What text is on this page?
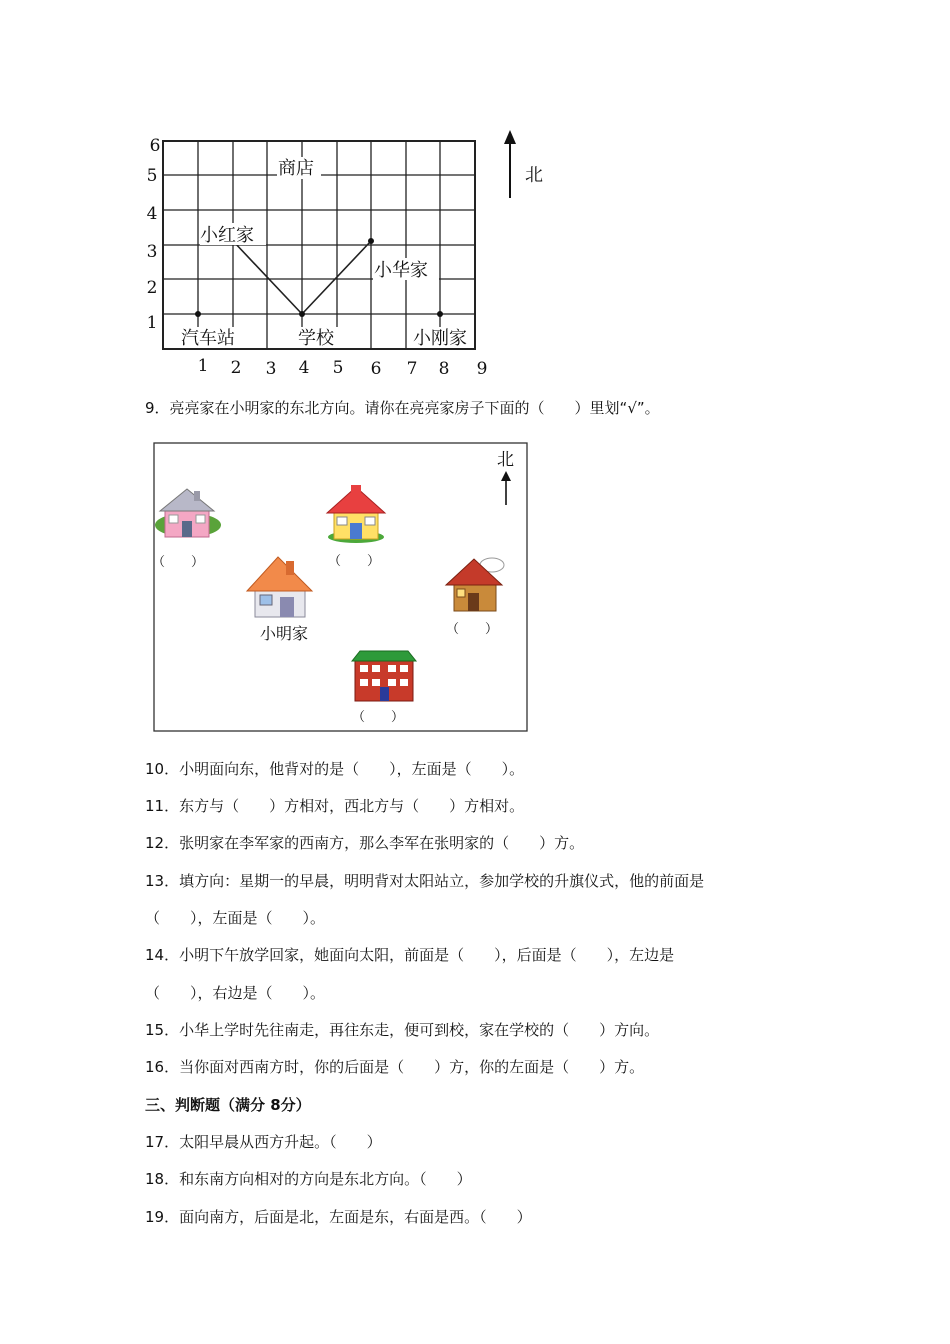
1
2
3
4
5
6
1 2 3 4 5 6 7 8 9
商店
小红家
小华家
汽车站	学校	小刚家
北
9．亮亮家在小明家的东北方向。请你在亮亮家房子下面的（　　）里划“√”。
北
（　　）	（　　）
小明家	（　　）
（　　）
10．小明面向东，他背对的是（　　），左面是（　　）。
11．东方与（　　）方相对，西北方与（　　）方相对。
12．张明家在李军家的西南方，那么李军在张明家的（　　）方。
13．填方向：星期一的早晨，明明背对太阳站立，参加学校的升旗仪式，他的前面是
（　　），左面是（　　）。
14．小明下午放学回家，她面向太阳，前面是（　　），后面是（　　），左边是
（　　），右边是（　　）。
15．小华上学时先往南走，再往东走，便可到校，家在学校的（　　）方向。
16．当你面对西南方时，你的后面是（　　）方，你的左面是（　　）方。
三、判断题（满分 8分）
17．太阳早晨从西方升起。（　　）
18．和东南方向相对的方向是东北方向。（　　）
19．面向南方，后面是北，左面是东，右面是西。（　　）
